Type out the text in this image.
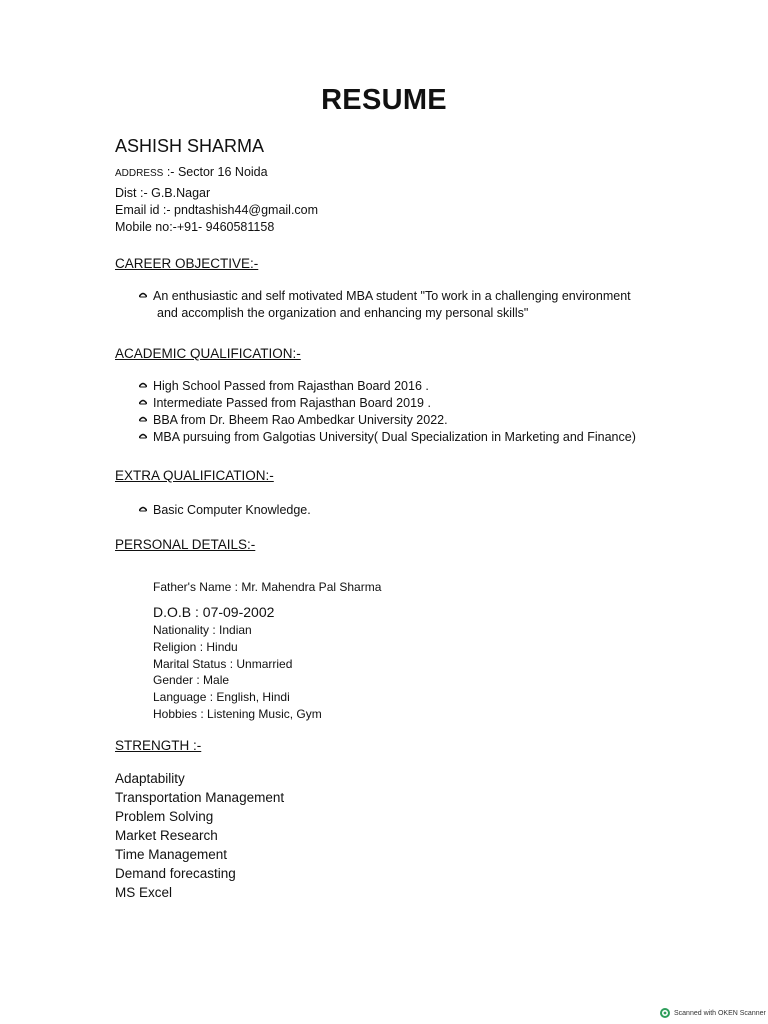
RESUME
ASHISH SHARMA
ADDRESS :- Sector 16 Noida
Dist :- G.B.Nagar
Email id :- pndtashish44@gmail.com
Mobile no:-+91- 9460581158
CAREER OBJECTIVE:-
An enthusiastic and self motivated MBA student "To work in a challenging environment
and accomplish the organization and enhancing my personal skills"
ACADEMIC QUALIFICATION:-
High School Passed from Rajasthan Board 2016 .
Intermediate Passed from Rajasthan Board 2019 .
BBA from Dr. Bheem Rao Ambedkar University 2022.
MBA pursuing from Galgotias University( Dual Specialization in Marketing and Finance)
EXTRA QUALIFICATION:-
Basic Computer Knowledge.
PERSONAL DETAILS:-
Father's Name : Mr. Mahendra Pal Sharma
D.O.B : 07-09-2002
Nationality : Indian
Religion : Hindu
Marital Status : Unmarried
Gender : Male
Language : English, Hindi
Hobbies : Listening Music, Gym
STRENGTH :-
Adaptability
Transportation Management
Problem Solving
Market Research
Time Management
Demand forecasting
MS Excel
Scanned with OKEN Scanner
